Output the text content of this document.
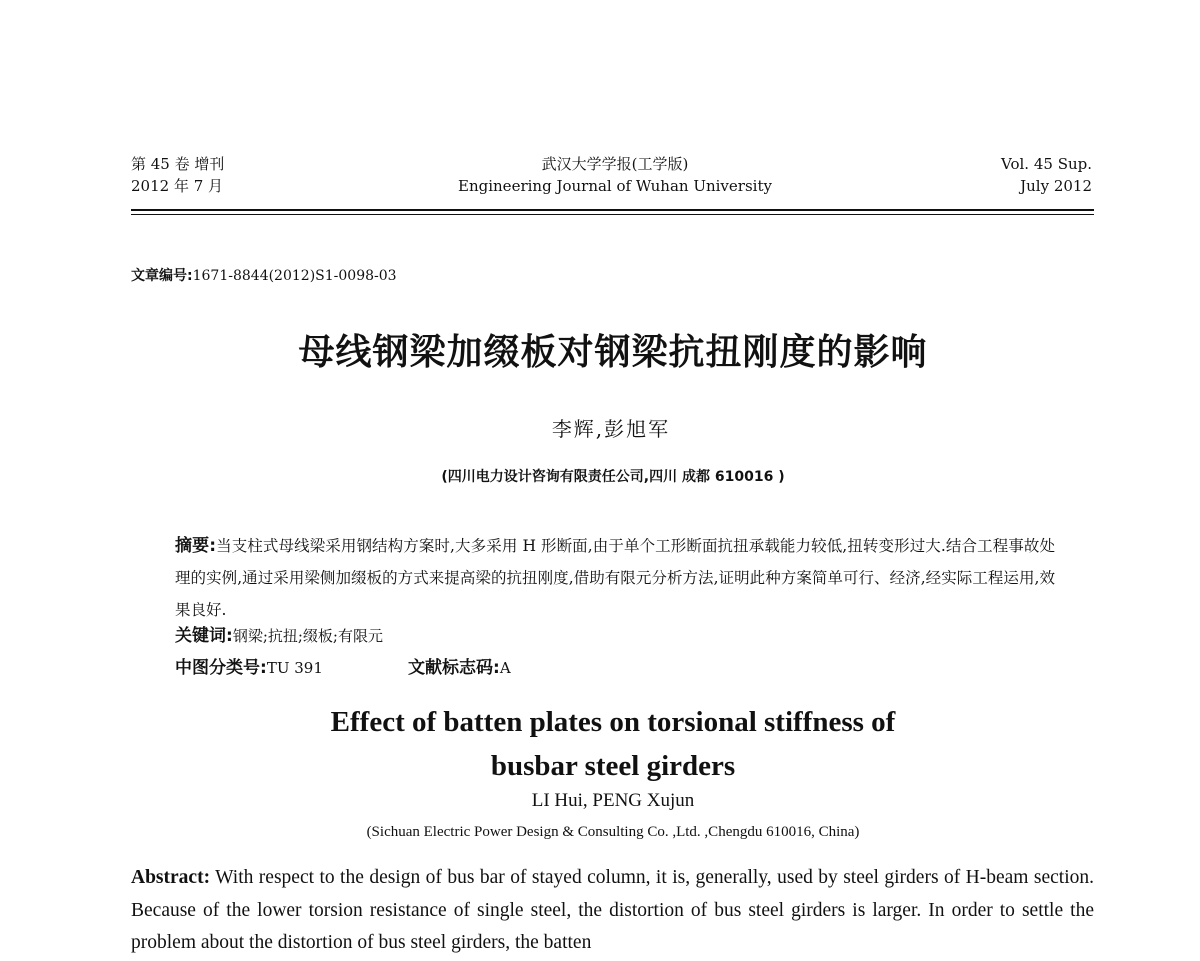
第 45 卷 增刊
2012 年 7 月
武汉大学学报(工学版)
Engineering Journal of Wuhan University
Vol. 45 Sup.
July 2012
文章编号:1671-8844(2012)S1-0098-03
母线钢梁加缀板对钢梁抗扭刚度的影响
李辉,彭旭军
(四川电力设计咨询有限责任公司,四川 成都 610016 )
摘要:当支柱式母线梁采用钢结构方案时,大多采用 H 形断面,由于单个工形断面抗扭承载能力较低,扭转变形过大.结合工程事故处理的实例,通过采用梁侧加缀板的方式来提高梁的抗扭刚度,借助有限元分析方法,证明此种方案简单可行、经济,经实际工程运用,效果良好.
关键词:钢梁;抗扭;缀板;有限元
中图分类号:TU 391	文献标志码:A
Effect of batten plates on torsional stiffness of
busbar steel girders
LI Hui, PENG Xujun
(Sichuan Electric Power Design & Consulting Co. ,Ltd. ,Chengdu 610016, China)
Abstract: With respect to the design of bus bar of stayed column, it is, generally, used by steel girders of H-beam section. Because of the lower torsion resistance of single steel, the distortion of bus steel girders is larger. In order to settle the problem about the distortion of bus steel girders, the batten
